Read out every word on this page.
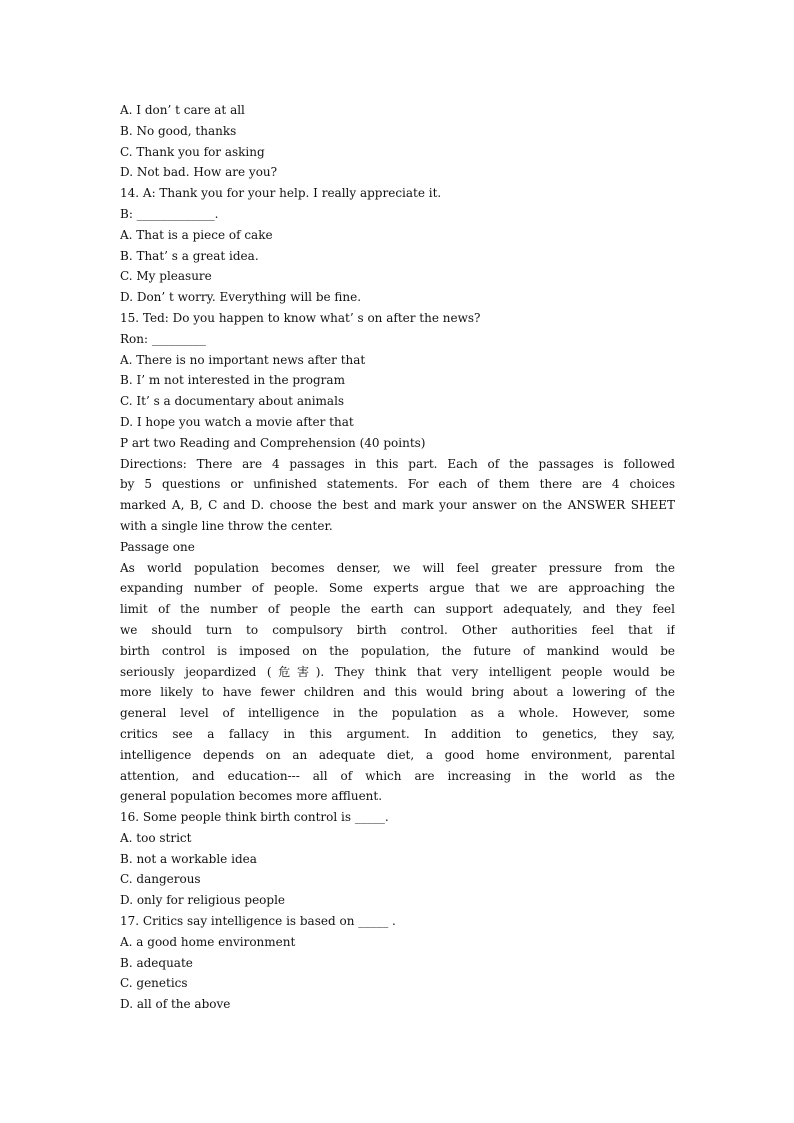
A. I don’ t care at all
B. No good, thanks
C. Thank you for asking
D. Not bad. How are you?
14. A: Thank you for your help. I really appreciate it.
B: _____________.
A. That is a piece of cake
B. That’ s a great idea.
C. My pleasure
D. Don’ t worry. Everything will be fine.
15. Ted: Do you happen to know what’ s on after the news?
Ron: _________
A. There is no important news after that
B. I’ m not interested in the program
C. It’ s a documentary about animals
D. I hope you watch a movie after that
P art two Reading and Comprehension (40 points)
Directions: There are 4 passages in this part. Each of the passages is followed
by 5 questions or unfinished statements. For each of them there are 4 choices
marked A, B, C and D. choose the best and mark your answer on the ANSWER SHEET
with a single line throw the center.
Passage one
As world population becomes denser, we will feel greater pressure from the
expanding number of people. Some experts argue that we are approaching the
limit of the number of people the earth can support adequately, and they feel
we should turn to compulsory birth control. Other authorities feel that if
birth control is imposed on the population, the future of mankind would be
seriously jeopardized (危害). They think that very intelligent people would be
more likely to have fewer children and this would bring about a lowering of the
general level of intelligence in the population as a whole. However, some
critics see a fallacy in this argument. In addition to genetics, they say,
intelligence depends on an adequate diet, a good home environment, parental
attention, and education--- all of which are increasing in the world as the
general population becomes more affluent.
16. Some people think birth control is _____.
A. too strict
B. not a workable idea
C. dangerous
D. only for religious people
17. Critics say intelligence is based on _____ .
A. a good home environment
B. adequate
C. genetics
D. all of the above
